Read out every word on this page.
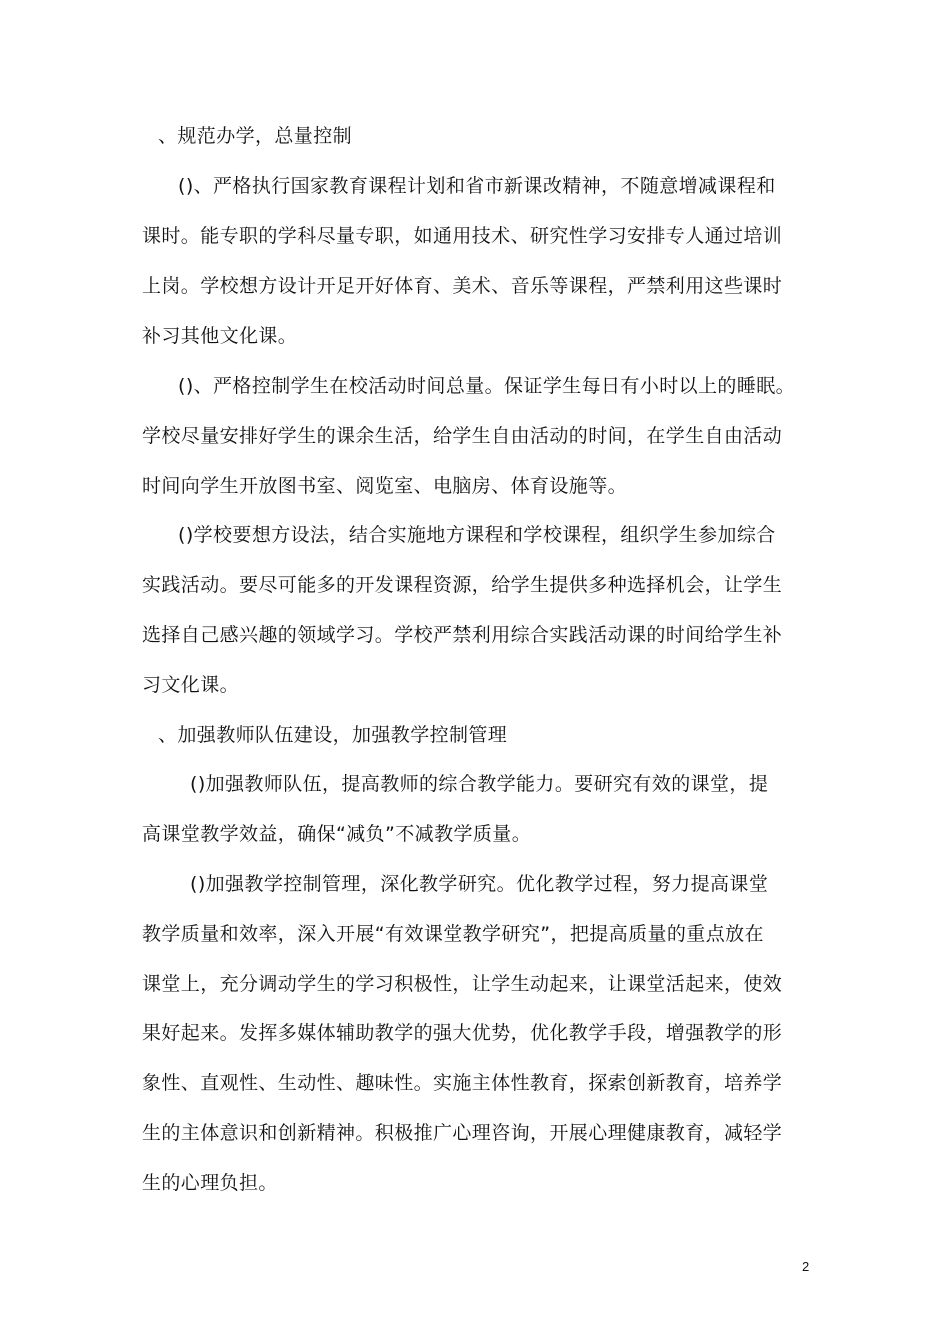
、规范办学，总量控制
()、严格执行国家教育课程计划和省市新课改精神，不随意增减课程和
课时。能专职的学科尽量专职，如通用技术、研究性学习安排专人通过培训
上岗。学校想方设计开足开好体育、美术、音乐等课程，严禁利用这些课时
补习其他文化课。
()、严格控制学生在校活动时间总量。保证学生每日有小时以上的睡眠。
学校尽量安排好学生的课余生活，给学生自由活动的时间，在学生自由活动
时间向学生开放图书室、阅览室、电脑房、体育设施等。
()学校要想方设法，结合实施地方课程和学校课程，组织学生参加综合
实践活动。要尽可能多的开发课程资源，给学生提供多种选择机会，让学生
选择自己感兴趣的领域学习。学校严禁利用综合实践活动课的时间给学生补
习文化课。
、加强教师队伍建设，加强教学控制管理
()加强教师队伍，提高教师的综合教学能力。要研究有效的课堂，提
高课堂教学效益，确保“减负”不减教学质量。
()加强教学控制管理，深化教学研究。优化教学过程，努力提高课堂
教学质量和效率，深入开展“有效课堂教学研究”，把提高质量的重点放在
课堂上，充分调动学生的学习积极性，让学生动起来，让课堂活起来，使效
果好起来。发挥多媒体辅助教学的强大优势，优化教学手段，增强教学的形
象性、直观性、生动性、趣味性。实施主体性教育，探索创新教育，培养学
生的主体意识和创新精神。积极推广心理咨询，开展心理健康教育，减轻学
生的心理负担。
2
